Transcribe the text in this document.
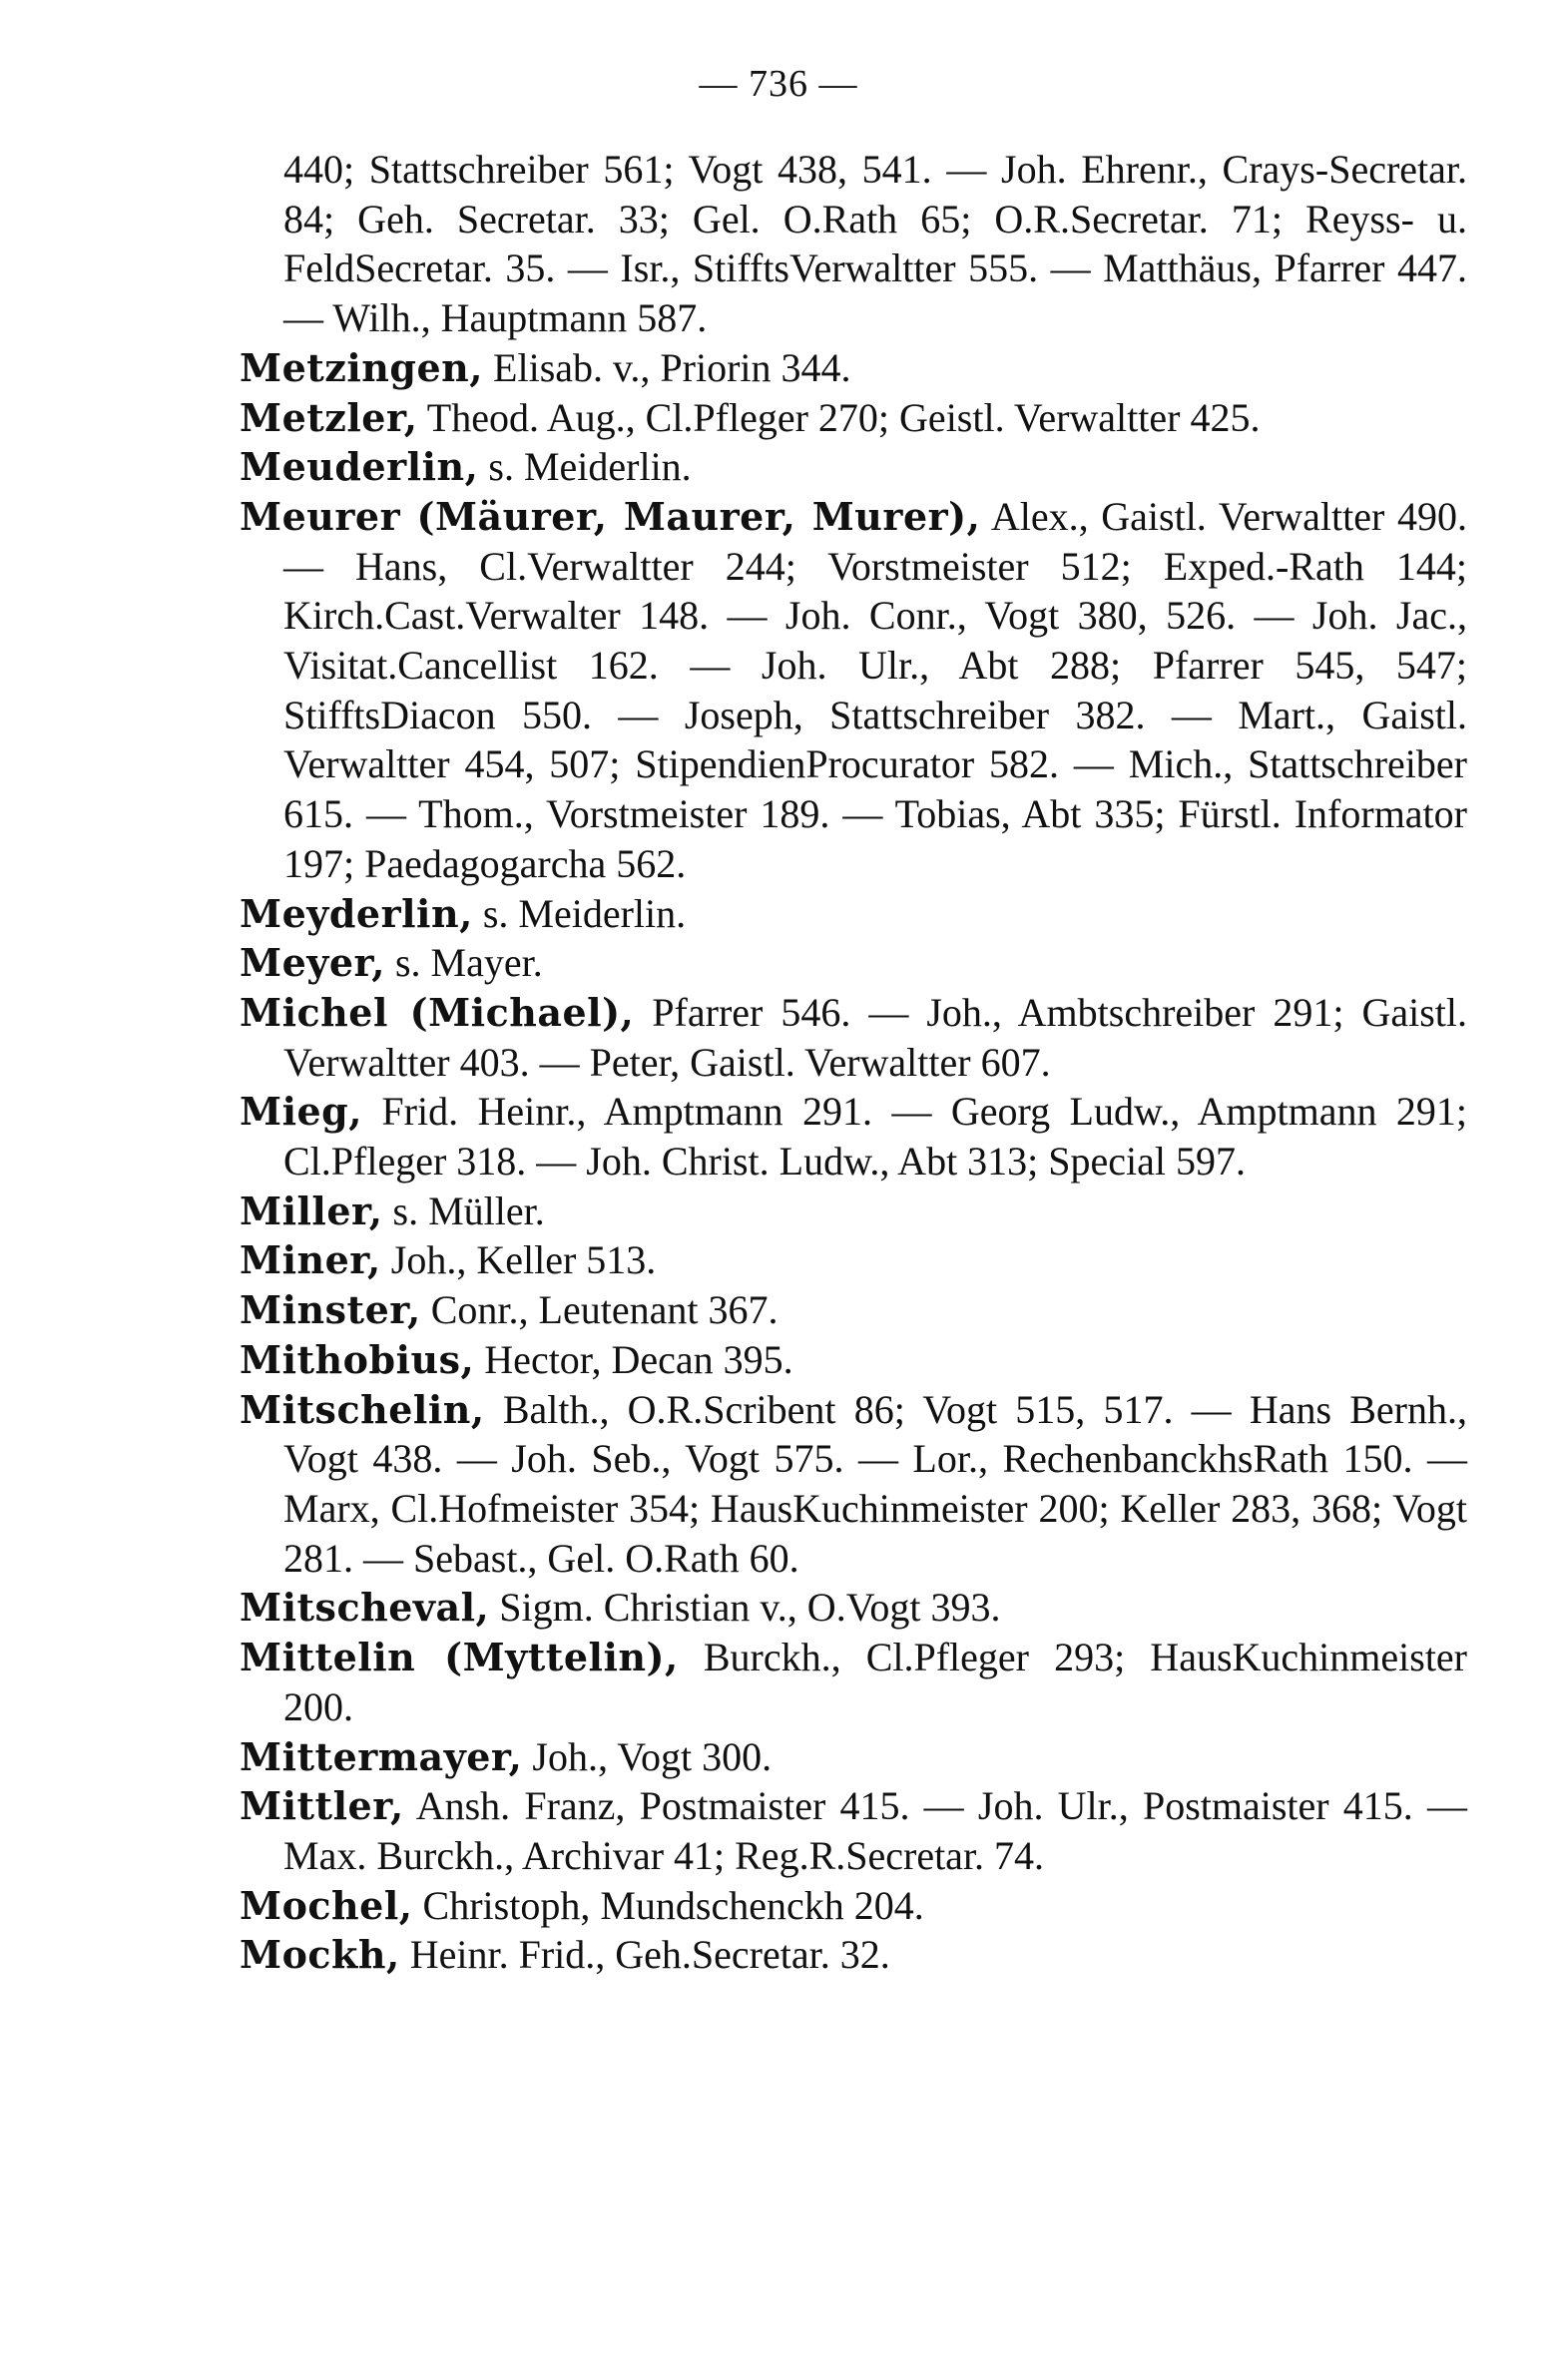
— 736 —

440; Stattschreiber 561; Vogt 438, 541. — Joh. Ehrenr., Crays-Secretar. 84; Geh. Secretar. 33; Gel. O.Rath 65; O.R.Secretar. 71; Reyss- u. FeldSecretar. 35. — Isr., StifftsVerwaltter 555. — Matthäus, Pfarrer 447. — Wilh., Hauptmann 587.

Metzingen, Elisab. v., Priorin 344.

Metzler, Theod. Aug., Cl.Pfleger 270; Geistl. Verwaltter 425.

Meuderlin, s. Meiderlin.

Meurer (Mäurer, Maurer, Murer), Alex., Gaistl. Verwaltter 490. — Hans, Cl.Verwaltter 244; Vorstmeister 512; Exped.-Rath 144; Kirch.Cast.Verwalter 148. — Joh. Conr., Vogt 380, 526. — Joh. Jac., Visitat.Cancellist 162. — Joh. Ulr., Abt 288; Pfarrer 545, 547; StifftsDiacon 550. — Joseph, Stattschreiber 382. — Mart., Gaistl. Verwaltter 454, 507; StipendienProcurator 582. — Mich., Stattschreiber 615. — Thom., Vorstmeister 189. — Tobias, Abt 335; Fürstl. Informator 197; Paedagogarcha 562.

Meyderlin, s. Meiderlin.

Meyer, s. Mayer.

Michel (Michael), Pfarrer 546. — Joh., Ambtschreiber 291; Gaistl. Verwaltter 403. — Peter, Gaistl. Verwaltter 607.

Mieg, Frid. Heinr., Amptmann 291. — Georg Ludw., Amptmann 291; Cl.Pfleger 318. — Joh. Christ. Ludw., Abt 313; Special 597.

Miller, s. Müller.

Miner, Joh., Keller 513.

Minster, Conr., Leutenant 367.

Mithobius, Hector, Decan 395.

Mitschelin, Balth., O.R.Scribent 86; Vogt 515, 517. — Hans Bernh., Vogt 438. — Joh. Seb., Vogt 575. — Lor., RechenbanckhsRath 150. — Marx, Cl.Hofmeister 354; HausKuchinmeister 200; Keller 283, 368; Vogt 281. — Sebast., Gel. O.Rath 60.

Mitscheval, Sigm. Christian v., O.Vogt 393.

Mittelin (Myttelin), Burckh., Cl.Pfleger 293; HausKuchinmeister 200.

Mittermayer, Joh., Vogt 300.

Mittler, Ansh. Franz, Postmaister 415. — Joh. Ulr., Postmaister 415. — Max. Burckh., Archivar 41; Reg.R.Secretar. 74.

Mochel, Christoph, Mundschenckh 204.

Mockh, Heinr. Frid., Geh.Secretar. 32.
